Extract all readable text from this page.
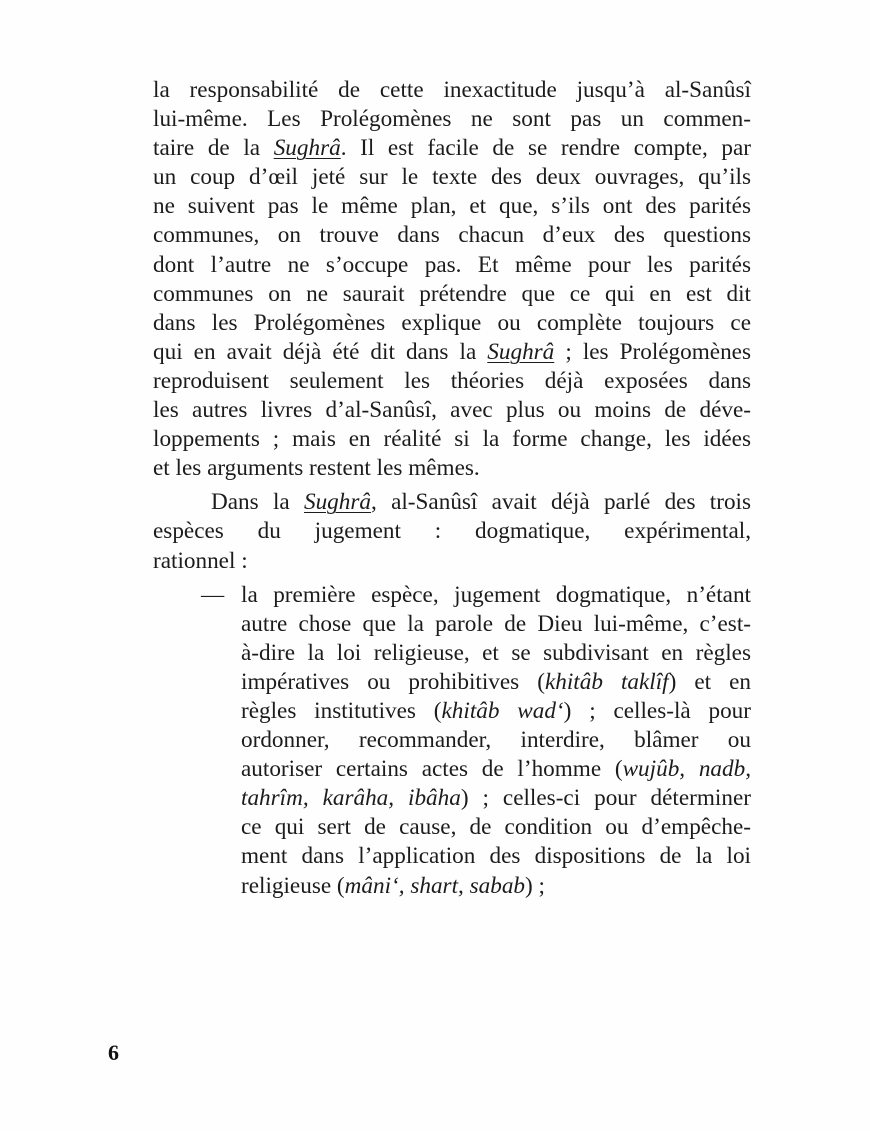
la responsabilité de cette inexactitude jusqu’à al-Sanûsî
lui-même. Les Prolégomènes ne sont pas un commen-
taire de la Sughrâ. Il est facile de se rendre compte, par
un coup d’œil jeté sur le texte des deux ouvrages, qu’ils
ne suivent pas le même plan, et que, s’ils ont des parités
communes, on trouve dans chacun d’eux des questions
dont l’autre ne s’occupe pas. Et même pour les parités
communes on ne saurait prétendre que ce qui en est dit
dans les Prolégomènes explique ou complète toujours ce
qui en avait déjà été dit dans la Sughrâ ; les Prolégomènes
reproduisent seulement les théories déjà exposées dans
les autres livres d’al-Sanûsî, avec plus ou moins de déve-
loppements ; mais en réalité si la forme change, les idées
et les arguments restent les mêmes.
Dans la Sughrâ, al-Sanûsî avait déjà parlé des trois
espèces du jugement : dogmatique, expérimental,
rationnel :
— la première espèce, jugement dogmatique, n’étant
autre chose que la parole de Dieu lui-même, c’est-
à-dire la loi religieuse, et se subdivisant en règles
impératives ou prohibitives (khitâb taklîf) et en
règles institutives (khitâb wad‘) ; celles-là pour
ordonner, recommander, interdire, blâmer ou
autoriser certains actes de l’homme (wujûb, nadb,
tahrîm, karâha, ibâha) ; celles-ci pour déterminer
ce qui sert de cause, de condition ou d’empêche-
ment dans l’application des dispositions de la loi
religieuse (mâni‘, shart, sabab) ;
6
